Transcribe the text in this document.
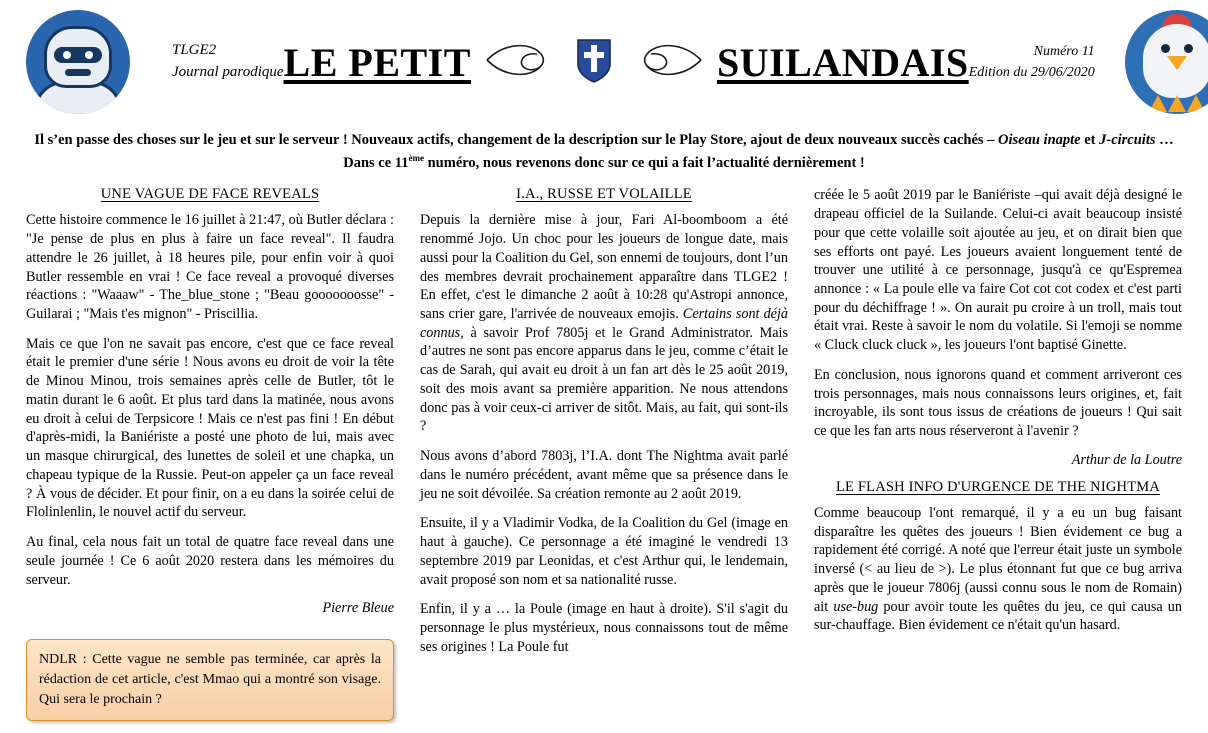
TLGE2
Journal parodique LE PETIT	SUILANDAIS	Numéro 11
Edition du 29/06/2020
Il s’en passe des choses sur le jeu et sur le serveur ! Nouveaux actifs, changement de la description sur le Play Store, ajout de deux nouveaux succès cachés – Oiseau inapte et J-circuits … Dans ce 11ème numéro, nous revenons donc sur ce qui a fait l’actualité dernièrement !
UNE VAGUE DE FACE REVEALS

Cette histoire commence le 16 juillet à 21:47, où Butler déclara : "Je pense de plus en plus à faire un face reveal". Il faudra attendre le 26 juillet, à 18 heures pile, pour enfin voir à quoi Butler ressemble en vrai ! Ce face reveal a provoqué diverses réactions : "Waaaw" - The_blue_stone ; "Beau gooooooosse" - Guilarai ; "Mais t'es mignon" - Priscillia.

Mais ce que l'on ne savait pas encore, c'est que ce face reveal était le premier d'une série ! Nous avons eu droit de voir la tête de Minou Minou, trois semaines après celle de Butler, tôt le matin durant le 6 août. Et plus tard dans la matinée, nous avons eu droit à celui de Terpsicore ! Mais ce n'est pas fini ! En début d'après-midi, la Baniériste a posté une photo de lui, mais avec un masque chirurgical, des lunettes de soleil et une chapka, un chapeau typique de la Russie. Peut-on appeler ça un face reveal ? À vous de décider. Et pour finir, on a eu dans la soirée celui de Flolinlenlin, le nouvel actif du serveur.

Au final, cela nous fait un total de quatre face reveal dans une seule journée ! Ce 6 août 2020 restera dans les mémoires du serveur.

Pierre Bleue

NDLR : Cette vague ne semble pas terminée, car après la rédaction de cet article, c'est Mmao qui a montré son visage. Qui sera le prochain ?
I.A., RUSSE ET VOLAILLE

Depuis la dernière mise à jour, Fari Al-boomboom a été renommé Jojo. Un choc pour les joueurs de longue date, mais aussi pour la Coalition du Gel, son ennemi de toujours, dont l’un des membres devrait prochainement apparaître dans TLGE2 ! En effet, c'est le dimanche 2 août à 10:28 qu'Astropi annonce, sans crier gare, l'arrivée de nouveaux emojis. Certains sont déjà connus, à savoir Prof 7805j et le Grand Administrator. Mais d’autres ne sont pas encore apparus dans le jeu, comme c’était le cas de Sarah, qui avait eu droit à un fan art dès le 25 août 2019, soit des mois avant sa première apparition. Ne nous attendons donc pas à voir ceux-ci arriver de sitôt. Mais, au fait, qui sont-ils ?

Nous avons d’abord 7803j, l’I.A. dont The Nightma avait parlé dans le numéro précédent, avant même que sa présence dans le jeu ne soit dévoilée. Sa création remonte au 2 août 2019.

Ensuite, il y a Vladimir Vodka, de la Coalition du Gel (image en haut à gauche). Ce personnage a été imaginé le vendredi 13 septembre 2019 par Leonidas, et c'est Arthur qui, le lendemain, avait proposé son nom et sa nationalité russe.

Enfin, il y a … la Poule (image en haut à droite). S'il s'agit du personnage le plus mystérieux, nous connaissons tout de même ses origines ! La Poule fut

créée le 5 août 2019 par le Baniériste –qui avait déjà designé le drapeau officiel de la Suilande. Celui-ci avait beaucoup insisté pour que cette volaille soit ajoutée au jeu, et on dirait bien que ses efforts ont payé. Les joueurs avaient longuement tenté de trouver une utilité à ce personnage, jusqu'à ce qu'Espremea annonce : « La poule elle va faire Cot cot cot codex et c'est parti pour du déchiffrage ! ». On aurait pu croire à un troll, mais tout était vrai. Reste à savoir le nom du volatile. Si l'emoji se nomme « Cluck cluck cluck », les joueurs l'ont baptisé Ginette.

En conclusion, nous ignorons quand et comment arriveront ces trois personnages, mais nous connaissons leurs origines, et, fait incroyable, ils sont tous issus de créations de joueurs ! Qui sait ce que les fan arts nous réserveront à l'avenir ?

Arthur de la Loutre

LE FLASH INFO D'URGENCE DE THE NIGHTMA

Comme beaucoup l'ont remarqué, il y a eu un bug faisant disparaître les quêtes des joueurs ! Bien évidement ce bug a rapidement été corrigé. A noté que l'erreur était juste un symbole inversé (< au lieu de >). Le plus étonnant fut que ce bug arriva après que le joueur 7806j (aussi connu sous le nom de Romain) ait use-bug pour avoir toute les quêtes du jeu, ce qui causa un sur-chauffage. Bien évidement ce n'était qu'un hasard.
